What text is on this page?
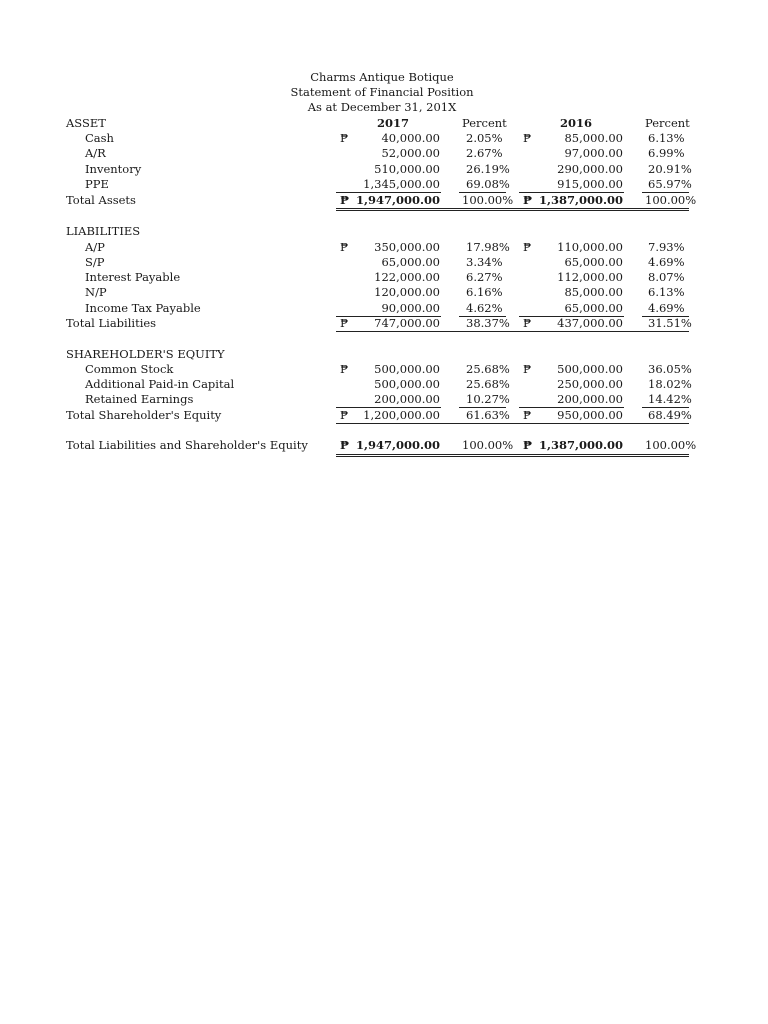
Charms Antique Botique
Statement of Financial Position
As at December 31, 201X
ASSET	2017	Percent	2016	Percent
Cash	₱	40,000.00 2.05% ₱	85,000.00 6.13%
A/R	52,000.00 2.67%	97,000.00 6.99%
Inventory	510,000.00 26.19%	290,000.00 20.91%
PPE	1,345,000.00 69.08%	915,000.00 65.97%
Total Assets	₱ 1,947,000.00 100.00% ₱ 1,387,000.00 100.00%
LIABILITIES
A/P	₱ 350,000.00 17.98% ₱ 110,000.00 7.93%
S/P	65,000.00 3.34%	65,000.00 4.69%
Interest Payable	122,000.00 6.27%	112,000.00 8.07%
N/P	120,000.00 6.16%	85,000.00 6.13%
Income Tax Payable	90,000.00 4.62%	65,000.00 4.69%
Total Liabilities	₱ 747,000.00 38.37% ₱ 437,000.00 31.51%
SHAREHOLDER'S EQUITY
Common Stock	₱ 500,000.00 25.68% ₱ 500,000.00 36.05%
Additional Paid-in Capital	500,000.00 25.68%	250,000.00 18.02%
Retained Earnings	200,000.00 10.27%	200,000.00 14.42%
Total Shareholder's Equity	₱ 1,200,000.00 61.63% ₱ 950,000.00 68.49%
Total Liabilities and Shareholder's Equity	₱ 1,947,000.00 100.00% ₱ 1,387,000.00 100.00%
